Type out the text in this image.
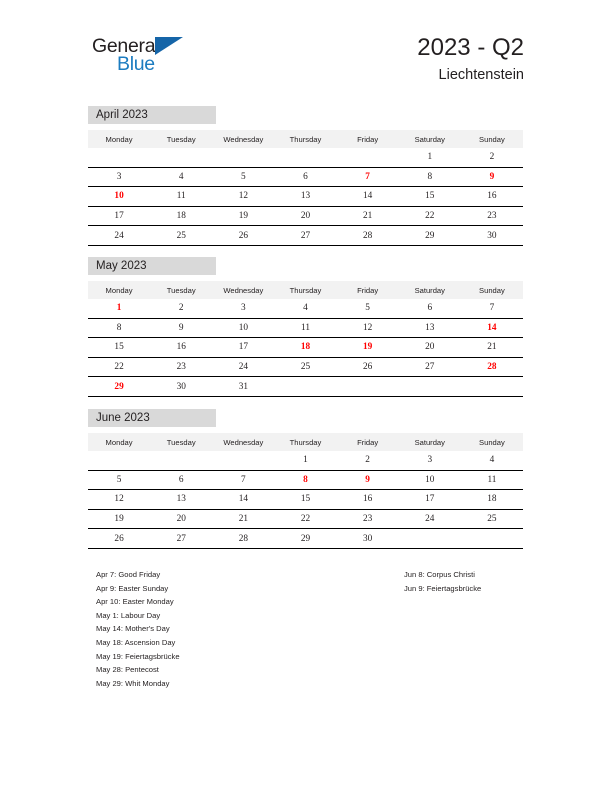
General
Blue
2023 - Q2
Liechtenstein
April 2023
Monday	Tuesday	Wednesday	Thursday	Friday	Saturday	Sunday
					1	2
3	4	5	6	7	8	9
10	11	12	13	14	15	16
17	18	19	20	21	22	23
24	25	26	27	28	29	30
May 2023
Monday	Tuesday	Wednesday	Thursday	Friday	Saturday	Sunday
1	2	3	4	5	6	7
8	9	10	11	12	13	14
15	16	17	18	19	20	21
22	23	24	25	26	27	28
29	30	31				
June 2023
Monday	Tuesday	Wednesday	Thursday	Friday	Saturday	Sunday
			1	2	3	4
5	6	7	8	9	10	11
12	13	14	15	16	17	18
19	20	21	22	23	24	25
26	27	28	29	30		
Apr 7: Good Friday
Apr 9: Easter Sunday
Apr 10: Easter Monday
May 1: Labour Day
May 14: Mother's Day
May 18: Ascension Day
May 19: Feiertagsbrücke
May 28: Pentecost
May 29: Whit Monday
Jun 8: Corpus Christi
Jun 9: Feiertagsbrücke
